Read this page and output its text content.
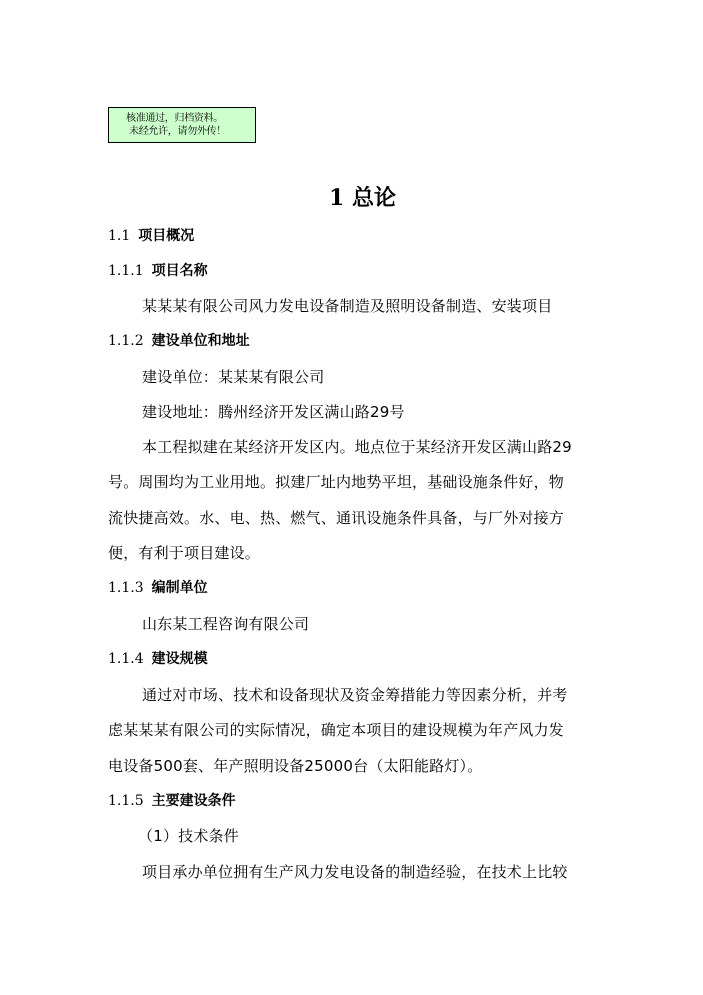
核准通过，归档资料。
未经允许，请勿外传！
1 总论
1.1 项目概况
1.1.1 项目名称
某某某有限公司风力发电设备制造及照明设备制造、安装项目
1.1.2 建设单位和地址
建设单位：某某某有限公司
建设地址：腾州经济开发区满山路29号
本工程拟建在某经济开发区内。地点位于某经济开发区满山路29
号。周围均为工业用地。拟建厂址内地势平坦，基础设施条件好，物
流快捷高效。水、电、热、燃气、通讯设施条件具备，与厂外对接方
便，有利于项目建设。
1.1.3 编制单位
山东某工程咨询有限公司
1.1.4 建设规模
通过对市场、技术和设备现状及资金筹措能力等因素分析，并考
虑某某某有限公司的实际情况，确定本项目的建设规模为年产风力发
电设备500套、年产照明设备25000台（太阳能路灯）。
1.1.5 主要建设条件
（1）技术条件
项目承办单位拥有生产风力发电设备的制造经验，在技术上比较
